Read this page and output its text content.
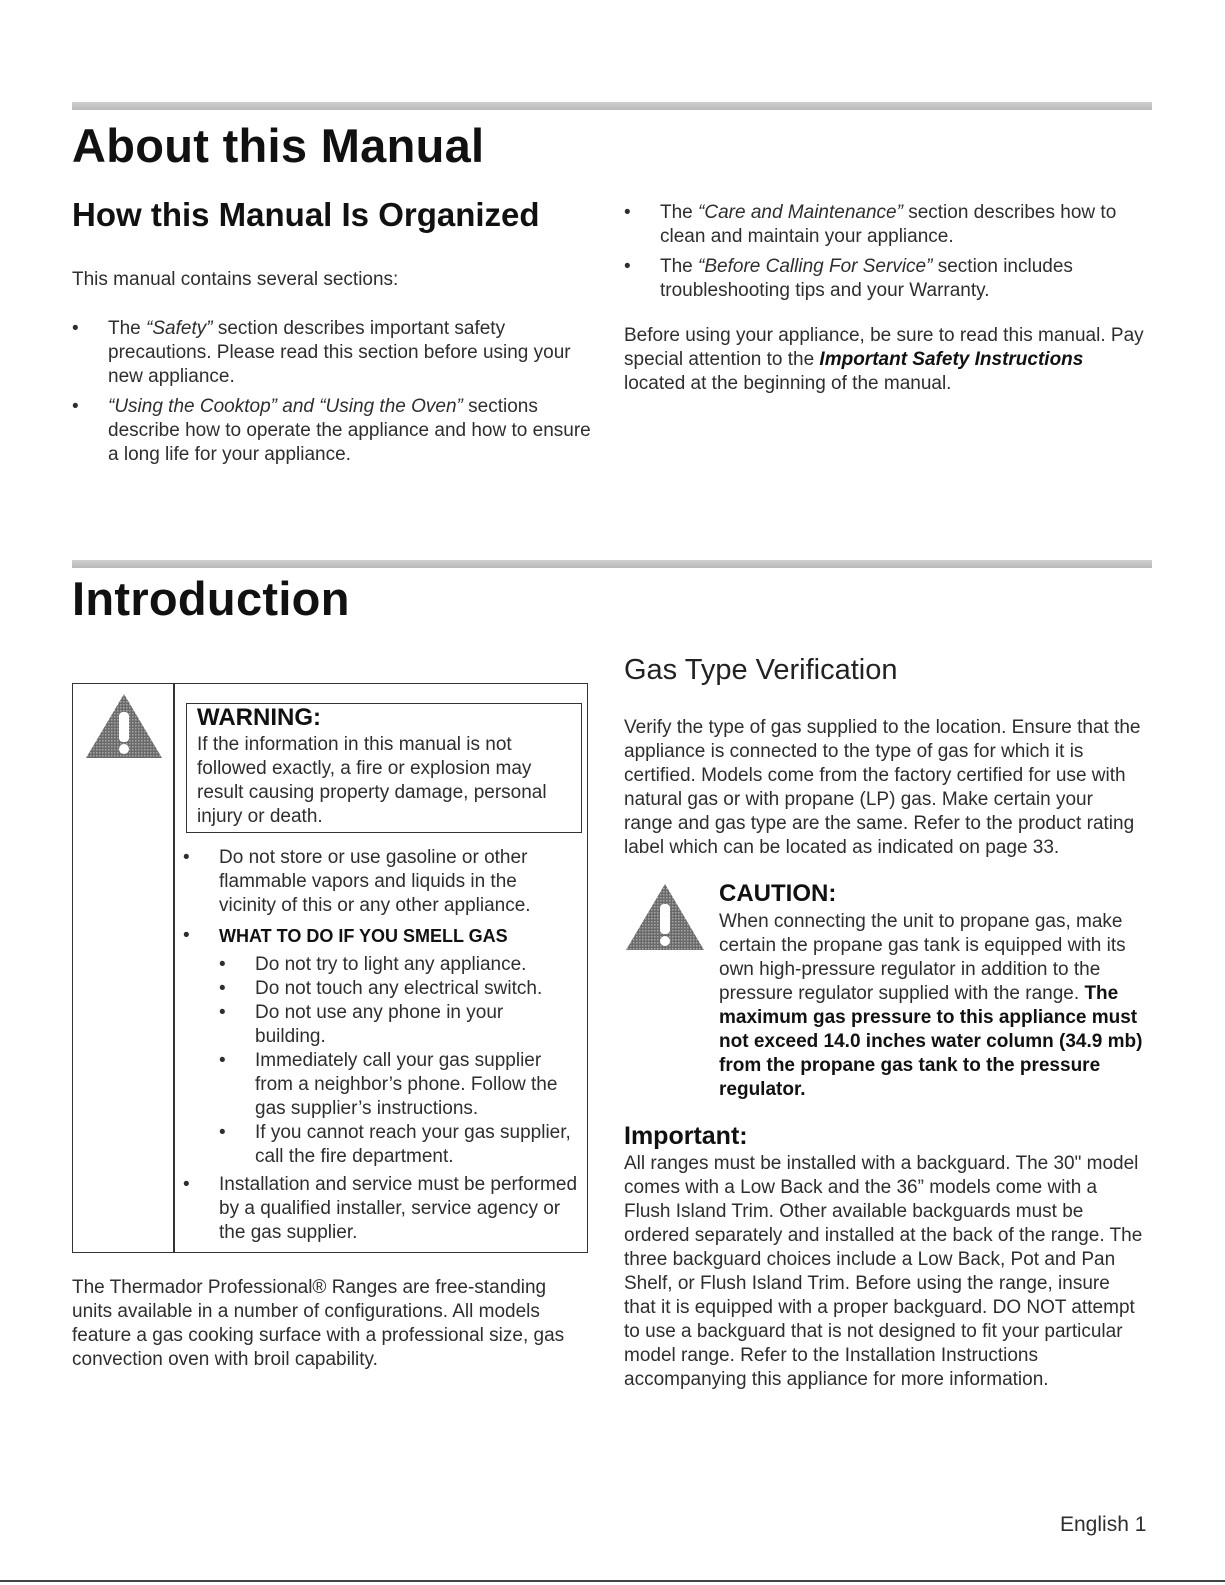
About this Manual
How this Manual Is Organized
This manual contains several sections:
• The “Safety” section describes important safety precautions. Please read this section before using your new appliance.
• “Using the Cooktop” and “Using the Oven” sections describe how to operate the appliance and how to ensure a long life for your appliance.
• The “Care and Maintenance” section describes how to clean and maintain your appliance.
• The “Before Calling For Service” section includes troubleshooting tips and your Warranty.
Before using your appliance, be sure to read this manual. Pay special attention to the Important Safety Instructions located at the beginning of the manual.
Introduction
WARNING:
If the information in this manual is not followed exactly, a fire or explosion may result causing property damage, personal injury or death.
• Do not store or use gasoline or other flammable vapors and liquids in the vicinity of this or any other appliance.
• WHAT TO DO IF YOU SMELL GAS
• Do not try to light any appliance.
• Do not touch any electrical switch.
• Do not use any phone in your building.
• Immediately call your gas supplier from a neighbor’s phone. Follow the gas supplier’s instructions.
• If you cannot reach your gas supplier, call the fire department.
• Installation and service must be performed by a qualified installer, service agency or the gas supplier.
The Thermador Professional® Ranges are free-standing units available in a number of configurations. All models feature a gas cooking surface with a professional size, gas convection oven with broil capability.
Gas Type Verification
Verify the type of gas supplied to the location. Ensure that the appliance is connected to the type of gas for which it is certified. Models come from the factory certified for use with natural gas or with propane (LP) gas. Make certain your range and gas type are the same. Refer to the product rating label which can be located as indicated on page 33.
CAUTION:
When connecting the unit to propane gas, make certain the propane gas tank is equipped with its own high-pressure regulator in addition to the pressure regulator supplied with the range. The maximum gas pressure to this appliance must not exceed 14.0 inches water column (34.9 mb) from the propane gas tank to the pressure regulator.
Important:
All ranges must be installed with a backguard. The 30" model comes with a Low Back and the 36” models come with a Flush Island Trim. Other available backguards must be ordered separately and installed at the back of the range. The three backguard choices include a Low Back, Pot and Pan Shelf, or Flush Island Trim. Before using the range, insure that it is equipped with a proper backguard. DO NOT attempt to use a backguard that is not designed to fit your particular model range. Refer to the Installation Instructions accompanying this appliance for more information.
English 1
